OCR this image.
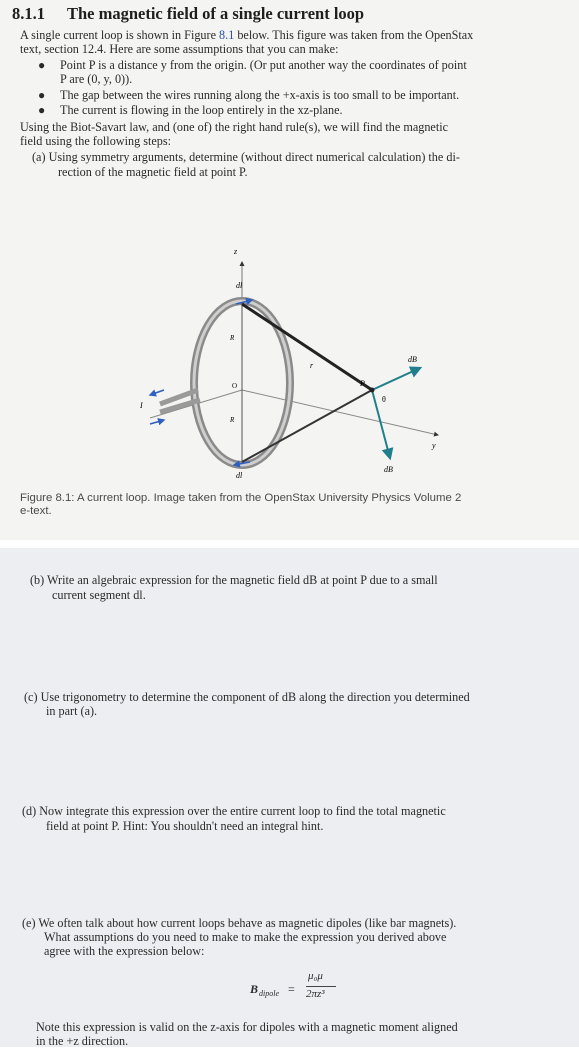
8.1.1 The magnetic field of a single current loop
A single current loop is shown in Figure 8.1 below. This figure was taken from the OpenStax
text, section 12.4. Here are some assumptions that you can make:
● Point P is a distance y from the origin. (Or put another way the coordinates of point
P are (0, y, 0)).
● The gap between the wires running along the +x-axis is too small to be important.
● The current is flowing in the loop entirely in the xz-plane.
Using the Biot-Savart law, and (one of) the right hand rule(s), we will find the magnetic
field using the following steps:
(a) Using symmetry arguments, determine (without direct numerical calculation) the di-
rection of the magnetic field at point P.
z
dl
dl
R
R
O
r
P
θ
dB
dB
y
I
Figure 8.1: A current loop. Image taken from the OpenStax University Physics Volume 2
e-text.
(b) Write an algebraic expression for the magnetic field dB at point P due to a small
current segment dl.
(c) Use trigonometry to determine the component of dB along the direction you determined
in part (a).
(d) Now integrate this expression over the entire current loop to find the total magnetic
field at point P. Hint: You shouldn't need an integral hint.
(e) We often talk about how current loops behave as magnetic dipoles (like bar magnets).
What assumptions do you need to make to make the expression you derived above
agree with the expression below:
B dipole =
μ₀μ
2πz³
Note this expression is valid on the z-axis for dipoles with a magnetic moment aligned
in the +z direction.
